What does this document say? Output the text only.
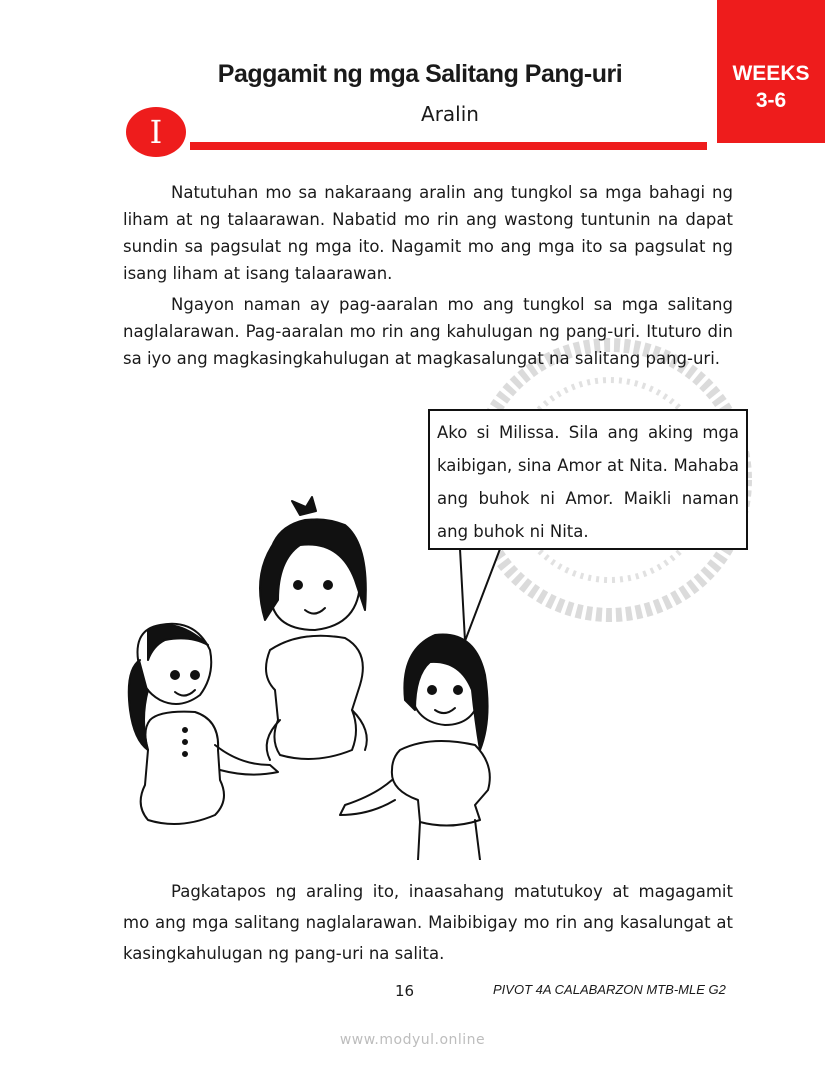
WEEKS
3-6
Paggamit ng mga Salitang Pang-uri
Aralin
I

Natutuhan mo sa nakaraang aralin ang tungkol sa mga bahagi ng liham at ng talaarawan. Nabatid mo rin ang wastong tuntunin na dapat sundin sa pagsulat ng mga ito. Nagamit mo ang mga ito sa pagsulat ng isang liham at isang talaarawan.

Ngayon naman ay pag-aaralan mo ang tungkol sa mga salitang naglalarawan. Pag-aaralan mo rin ang kahulugan ng pang-uri. Ituturo din sa iyo ang magkasingkahulugan at magkasalungat na salitang pang-uri.

Ako si Milissa. Sila ang aking mga kaibigan, sina Amor at Nita. Mahaba ang buhok ni Amor. Maikli naman ang buhok ni Nita.

Pagkatapos ng araling ito, inaasahang matutukoy at magagamit mo ang mga salitang naglalarawan. Maibibigay mo rin ang kasalungat at kasingkahulugan ng pang-uri na salita.

16	PIVOT 4A CALABARZON MTB-MLE G2
www.modyul.online
